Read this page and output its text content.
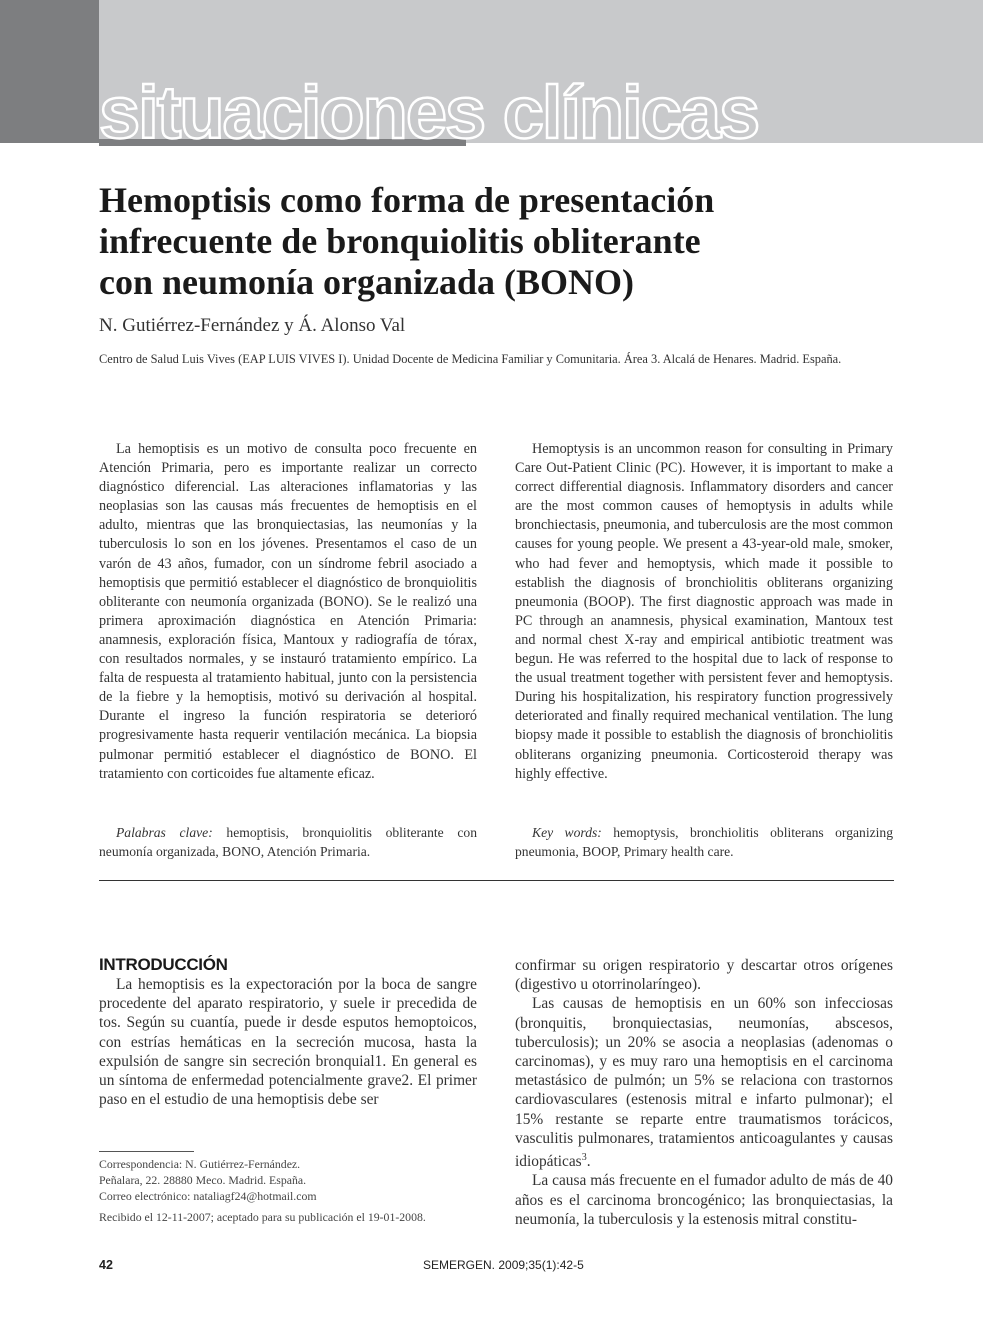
situaciones clínicas
Hemoptisis como forma de presentación
infrecuente de bronquiolitis obliterante
con neumonía organizada (BONO)
N. Gutiérrez-Fernández y Á. Alonso Val
Centro de Salud Luis Vives (EAP LUIS VIVES I). Unidad Docente de Medicina Familiar y Comunitaria. Área 3. Alcalá de Henares. Madrid. España.

La hemoptisis es un motivo de consulta poco frecuente en Atención Primaria, pero es importante realizar un correcto diagnóstico diferencial. Las alteraciones inflamatorias y las neoplasias son las causas más frecuentes de hemoptisis en el adulto, mientras que las bronquiectasias, las neumonías y la tuberculosis lo son en los jóvenes. Presentamos el caso de un varón de 43 años, fumador, con un síndrome febril asociado a hemoptisis que permitió establecer el diagnóstico de bronquiolitis obliterante con neumonía organizada (BONO). Se le realizó una primera aproximación diagnóstica en Atención Primaria: anamnesis, exploración física, Mantoux y radiografía de tórax, con resultados normales, y se instauró tratamiento empírico. La falta de respuesta al tratamiento habitual, junto con la persistencia de la fiebre y la hemoptisis, motivó su derivación al hospital. Durante el ingreso la función respiratoria se deterioró progresivamente hasta requerir ventilación mecánica. La biopsia pulmonar permitió establecer el diagnóstico de BONO. El tratamiento con corticoides fue altamente eficaz.

Hemoptysis is an uncommon reason for consulting in Primary Care Out-Patient Clinic (PC). However, it is important to make a correct differential diagnosis. Inflammatory disorders and cancer are the most common causes of hemoptysis in adults while bronchiectasis, pneumonia, and tuberculosis are the most common causes for young people. We present a 43-year-old male, smoker, who had fever and hemoptysis, which made it possible to establish the diagnosis of bronchiolitis obliterans organizing pneumonia (BOOP). The first diagnostic approach was made in PC through an anamnesis, physical examination, Mantoux test and normal chest X-ray and empirical antibiotic treatment was begun. He was referred to the hospital due to lack of response to the usual treatment together with persistent fever and hemoptysis. During his hospitalization, his respiratory function progressively deteriorated and finally required mechanical ventilation. The lung biopsy made it possible to establish the diagnosis of bronchiolitis obliterans organizing pneumonia. Corticosteroid therapy was highly effective.

Palabras clave: hemoptisis, bronquiolitis obliterante con neumonía organizada, BONO, Atención Primaria.
Key words: hemoptysis, bronchiolitis obliterans organizing pneumonia, BOOP, Primary health care.
INTRODUCCIÓN

La hemoptisis es la expectoración por la boca de sangre procedente del aparato respiratorio, y suele ir precedida de tos. Según su cuantía, puede ir desde esputos hemoptoicos, con estrías hemáticas en la secreción mucosa, hasta la expulsión de sangre sin secreción bronquial1. En general es un síntoma de enfermedad potencialmente grave2. El primer paso en el estudio de una hemoptisis debe ser

confirmar su origen respiratorio y descartar otros orígenes (digestivo u otorrinolaríngeo).

Las causas de hemoptisis en un 60% son infecciosas (bronquitis, bronquiectasias, neumonías, abscesos, tuberculosis); un 20% se asocia a neoplasias (adenomas o carcinomas), y es muy raro una hemoptisis en el carcinoma metastásico de pulmón; un 5% se relaciona con trastornos cardiovasculares (estenosis mitral e infarto pulmonar); el 15% restante se reparte entre traumatismos torácicos, vasculitis pulmonares, tratamientos anticoagulantes y causas idiopáticas$^3$.

La causa más frecuente en el fumador adulto de más de 40 años es el carcinoma broncogénico; las bronquiectasias, la neumonía, la tuberculosis y la estenosis mitral constitu-

Correspondencia: N. Gutiérrez-Fernández.
Peñalara, 22. 28880 Meco. Madrid. España.
Correo electrónico: nataliagf24@hotmail.com
Recibido el 12-11-2007; aceptado para su publicación el 19-01-2008.
42	SEMERGEN. 2009;35(1):42-5
